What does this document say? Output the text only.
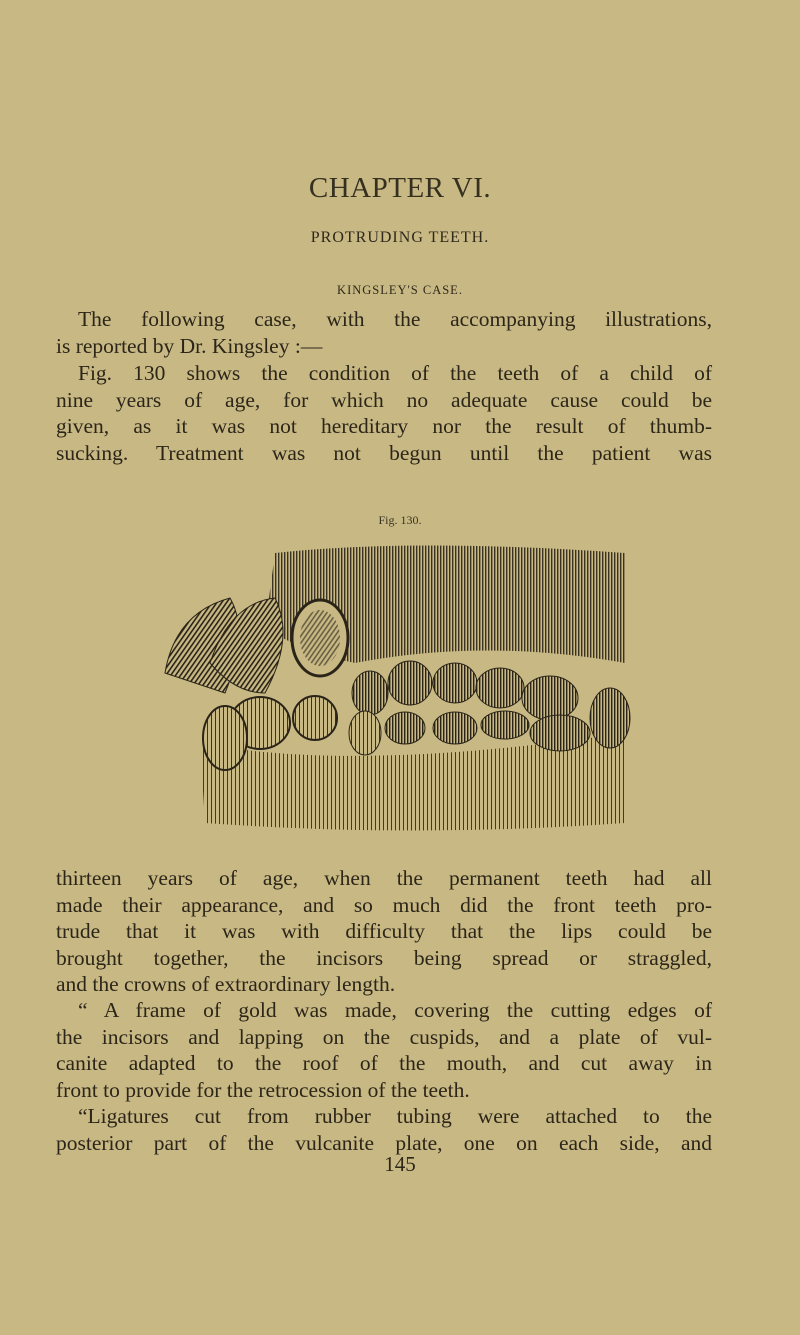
CHAPTER VI.
PROTRUDING TEETH.
KINGSLEY'S CASE.
The following case, with the accompanying illustrations,
is reported by Dr. Kingsley :—
Fig. 130 shows the condition of the teeth of a child of
nine years of age, for which no adequate cause could be
given, as it was not hereditary nor the result of thumb-
sucking. Treatment was not begun until the patient was
Fig. 130.
thirteen years of age, when the permanent teeth had all
made their appearance, and so much did the front teeth pro-
trude that it was with difficulty that the lips could be
brought together, the incisors being spread or straggled,
and the crowns of extraordinary length.
“ A frame of gold was made, covering the cutting edges of
the incisors and lapping on the cuspids, and a plate of vul-
canite adapted to the roof of the mouth, and cut away in
front to provide for the retrocession of the teeth.
“Ligatures cut from rubber tubing were attached to the
posterior part of the vulcanite plate, one on each side, and
145
